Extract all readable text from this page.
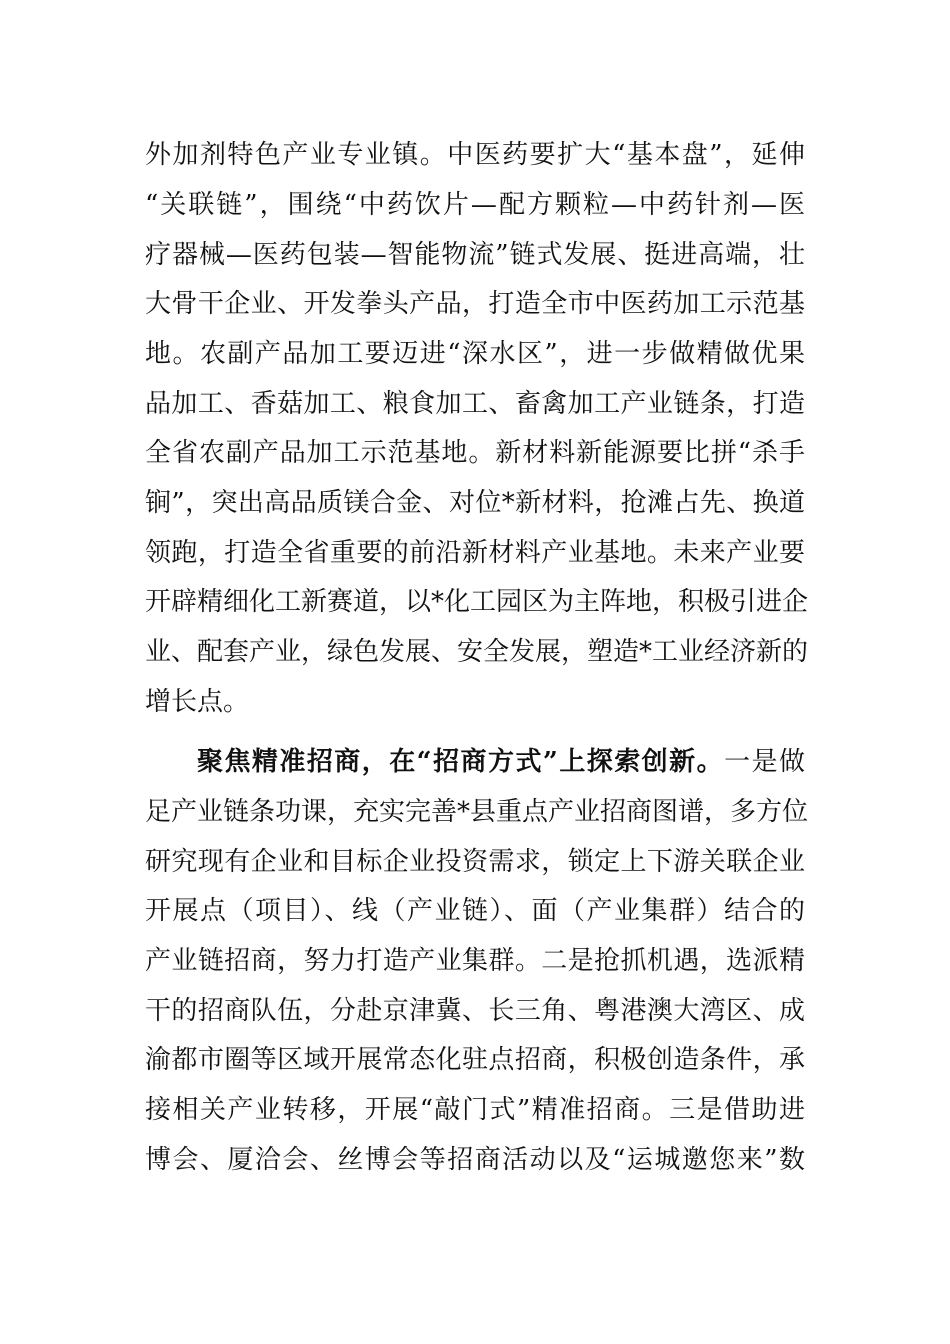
外加剂特色产业专业镇。中医药要扩大“基本盘”，延伸
“关联链”，围绕“中药饮片—配方颗粒—中药针剂—医
疗器械—医药包装—智能物流”链式发展、挺进高端，壮
大骨干企业、开发拳头产品，打造全市中医药加工示范基
地。农副产品加工要迈进“深水区”，进一步做精做优果
品加工、香菇加工、粮食加工、畜禽加工产业链条，打造
全省农副产品加工示范基地。新材料新能源要比拼“杀手
锏”，突出高品质镁合金、对位*新材料，抢滩占先、换道
领跑，打造全省重要的前沿新材料产业基地。未来产业要
开辟精细化工新赛道，以*化工园区为主阵地，积极引进企
业、配套产业，绿色发展、安全发展，塑造*工业经济新的
增长点。
聚焦精准招商，在“招商方式”上探索创新。一是做
足产业链条功课，充实完善*县重点产业招商图谱，多方位
研究现有企业和目标企业投资需求，锁定上下游关联企业
开展点（项目）、线（产业链）、面（产业集群）结合的
产业链招商，努力打造产业集群。二是抢抓机遇，选派精
干的招商队伍，分赴京津冀、长三角、粤港澳大湾区、成
渝都市圈等区域开展常态化驻点招商，积极创造条件，承
接相关产业转移，开展“敲门式”精准招商。三是借助进
博会、厦洽会、丝博会等招商活动以及“运城邀您来”数
